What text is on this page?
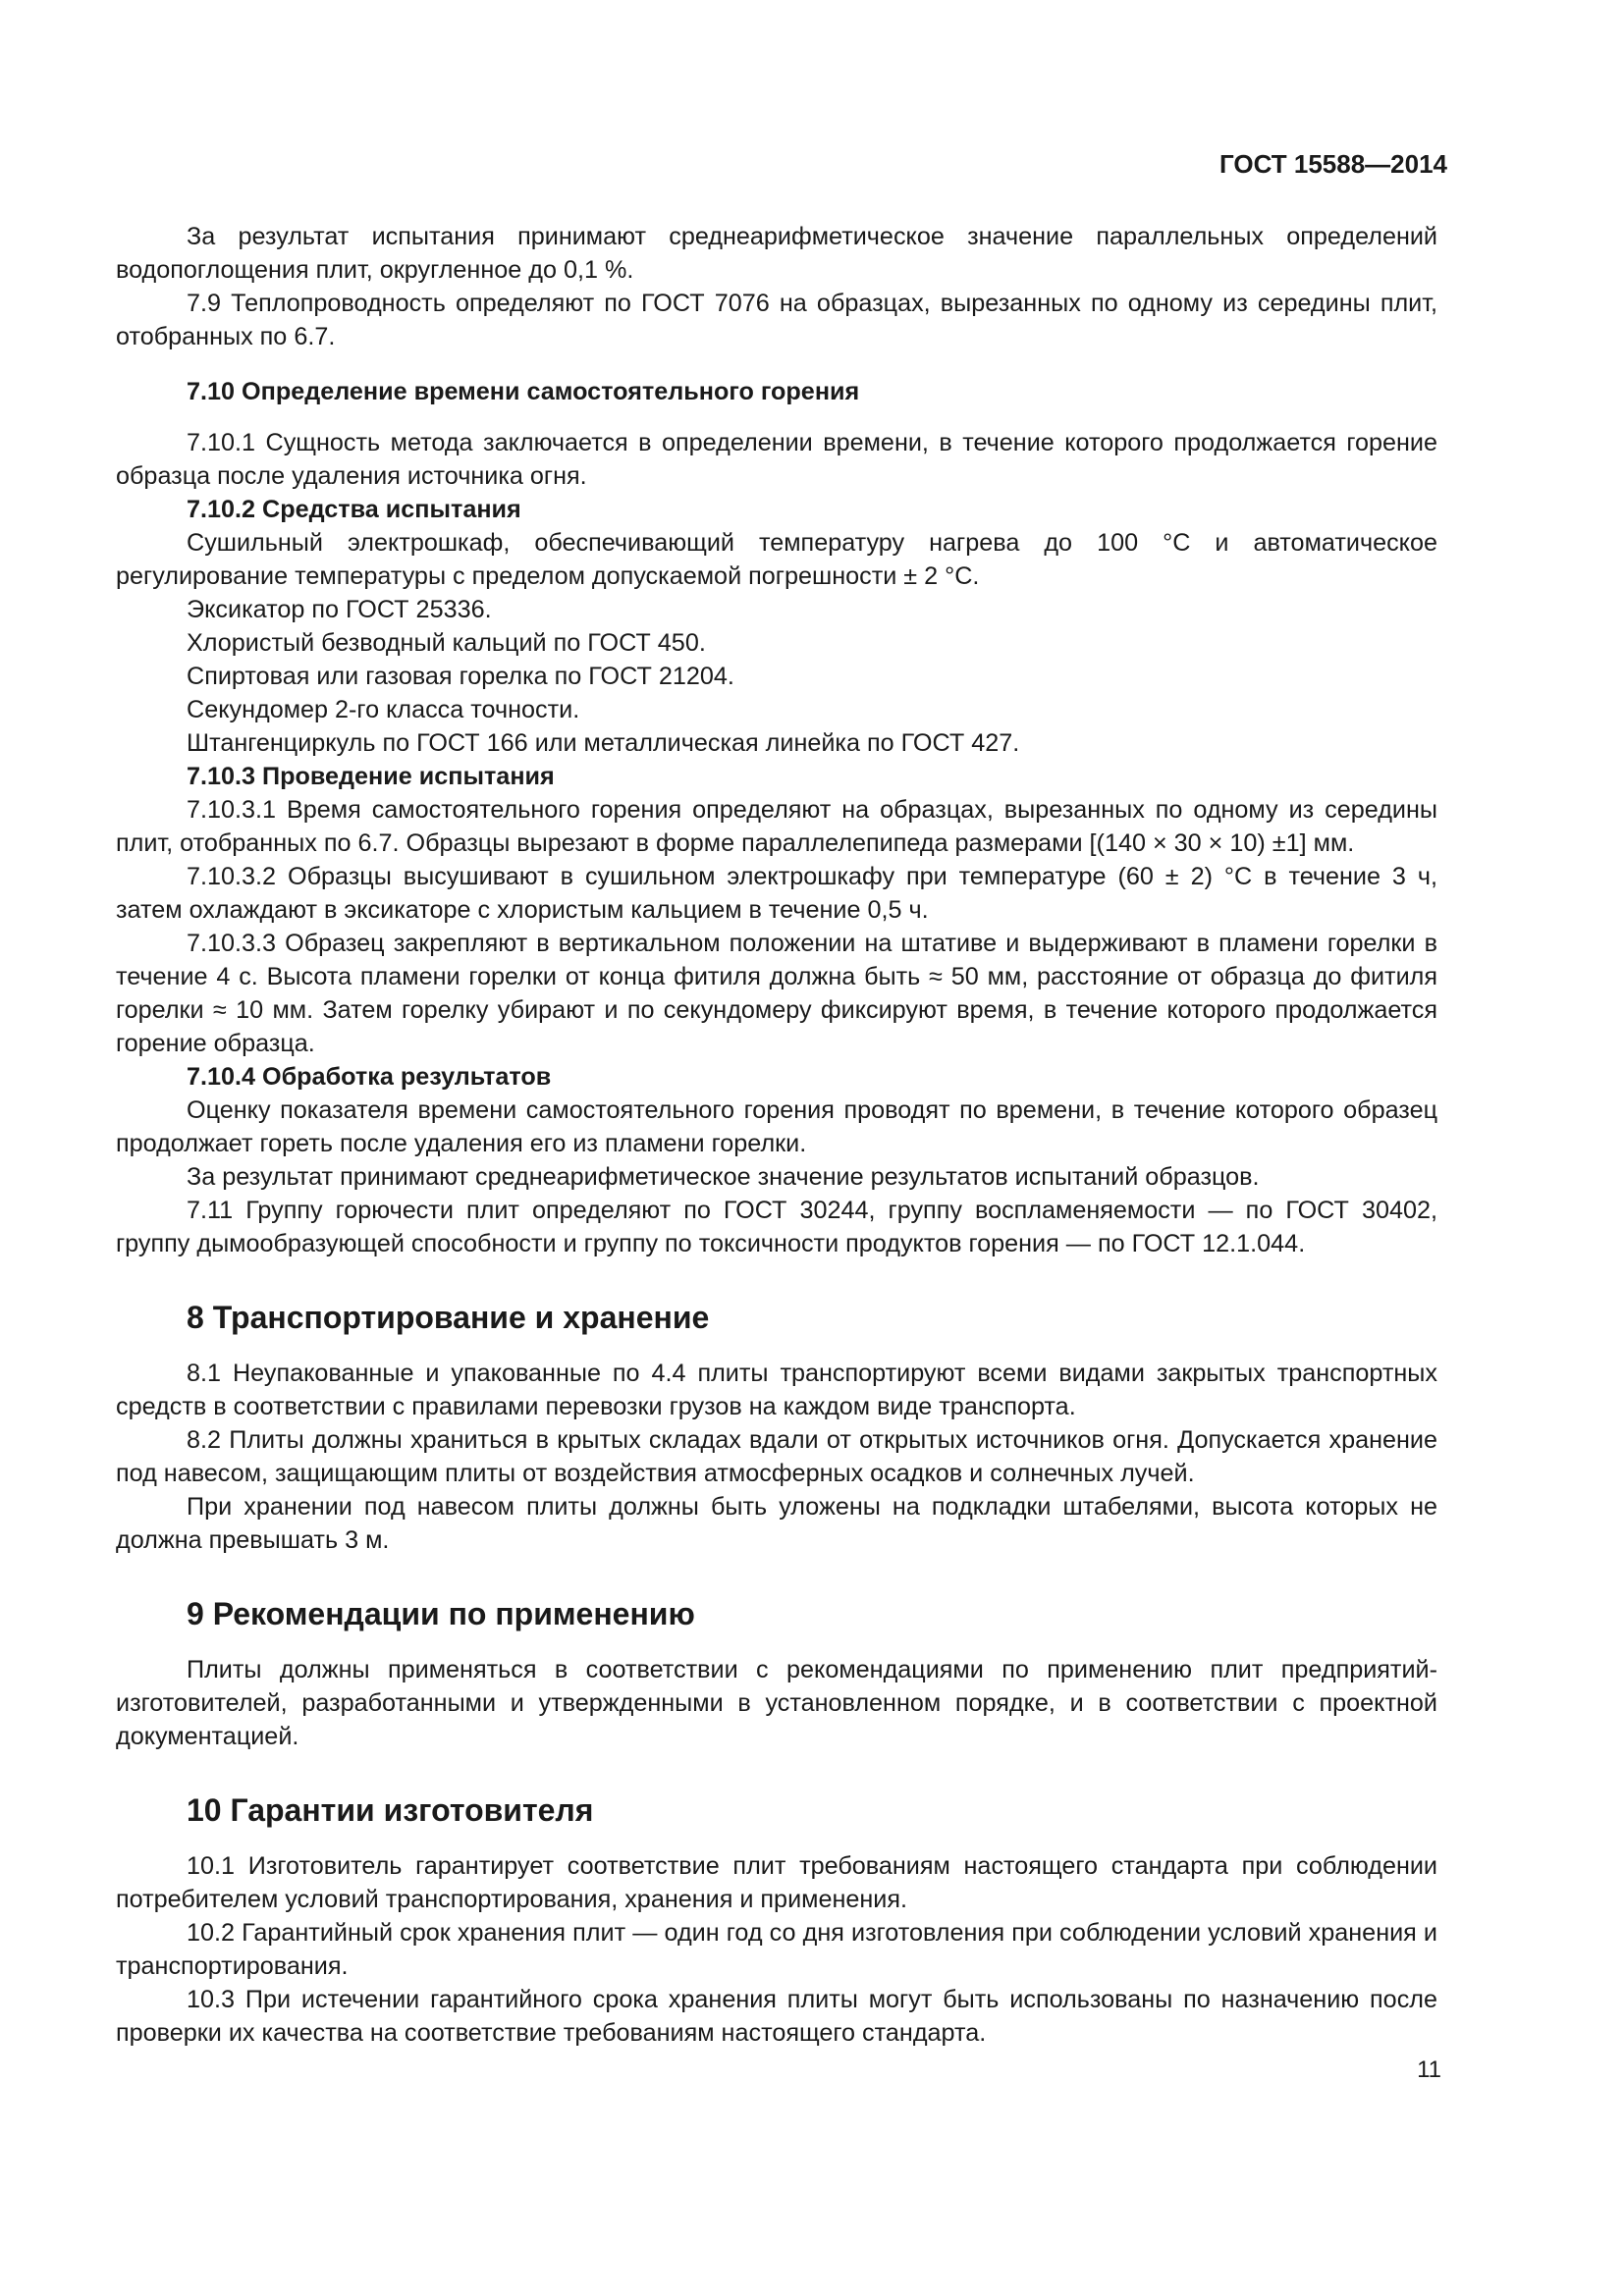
ГОСТ 15588—2014

За результат испытания принимают среднеарифметическое значение параллельных определений водопоглощения плит, округленное до 0,1 %.

7.9 Теплопроводность определяют по ГОСТ 7076 на образцах, вырезанных по одному из середины плит, отобранных по 6.7.

7.10 Определение времени самостоятельного горения

7.10.1 Сущность метода заключается в определении времени, в течение которого продолжается горение образца после удаления источника огня.

7.10.2 Средства испытания

Сушильный электрошкаф, обеспечивающий температуру нагрева до 100 °С и автоматическое регулирование температуры с пределом допускаемой погрешности ± 2 °С.

Эксикатор по ГОСТ 25336.

Хлористый безводный кальций по ГОСТ 450.

Спиртовая или газовая горелка по ГОСТ 21204.

Секундомер 2-го класса точности.

Штангенциркуль по ГОСТ 166 или металлическая линейка по ГОСТ 427.

7.10.3 Проведение испытания

7.10.3.1 Время самостоятельного горения определяют на образцах, вырезанных по одному из середины плит, отобранных по 6.7. Образцы вырезают в форме параллелепипеда размерами [(140 × 30 × 10) ±1] мм.

7.10.3.2 Образцы высушивают в сушильном электрошкафу при температуре (60 ± 2) °С в течение 3 ч, затем охлаждают в эксикаторе с хлористым кальцием в течение 0,5 ч.

7.10.3.3 Образец закрепляют в вертикальном положении на штативе и выдерживают в пламени горелки в течение 4 с. Высота пламени горелки от конца фитиля должна быть ≈ 50 мм, расстояние от образца до фитиля горелки ≈ 10 мм. Затем горелку убирают и по секундомеру фиксируют время, в течение которого продолжается горение образца.

7.10.4 Обработка результатов

Оценку показателя времени самостоятельного горения проводят по времени, в течение которого образец продолжает гореть после удаления его из пламени горелки.

За результат принимают среднеарифметическое значение результатов испытаний образцов.

7.11 Группу горючести плит определяют по ГОСТ 30244, группу воспламеняемости — по ГОСТ 30402, группу дымообразующей способности и группу по токсичности продуктов горения — по ГОСТ 12.1.044.

8 Транспортирование и хранение

8.1 Неупакованные и упакованные по 4.4 плиты транспортируют всеми видами закрытых транспортных средств в соответствии с правилами перевозки грузов на каждом виде транспорта.

8.2 Плиты должны храниться в крытых складах вдали от открытых источников огня. Допускается хранение под навесом, защищающим плиты от воздействия атмосферных осадков и солнечных лучей.

При хранении под навесом плиты должны быть уложены на подкладки штабелями, высота которых не должна превышать 3 м.

9 Рекомендации по применению

Плиты должны применяться в соответствии с рекомендациями по применению плит предприятий-изготовителей, разработанными и утвержденными в установленном порядке, и в соответствии с проектной документацией.

10 Гарантии изготовителя

10.1 Изготовитель гарантирует соответствие плит требованиям настоящего стандарта при соблюдении потребителем условий транспортирования, хранения и применения.

10.2 Гарантийный срок хранения плит — один год со дня изготовления при соблюдении условий хранения и транспортирования.

10.3 При истечении гарантийного срока хранения плиты могут быть использованы по назначению после проверки их качества на соответствие требованиям настоящего стандарта.

11
